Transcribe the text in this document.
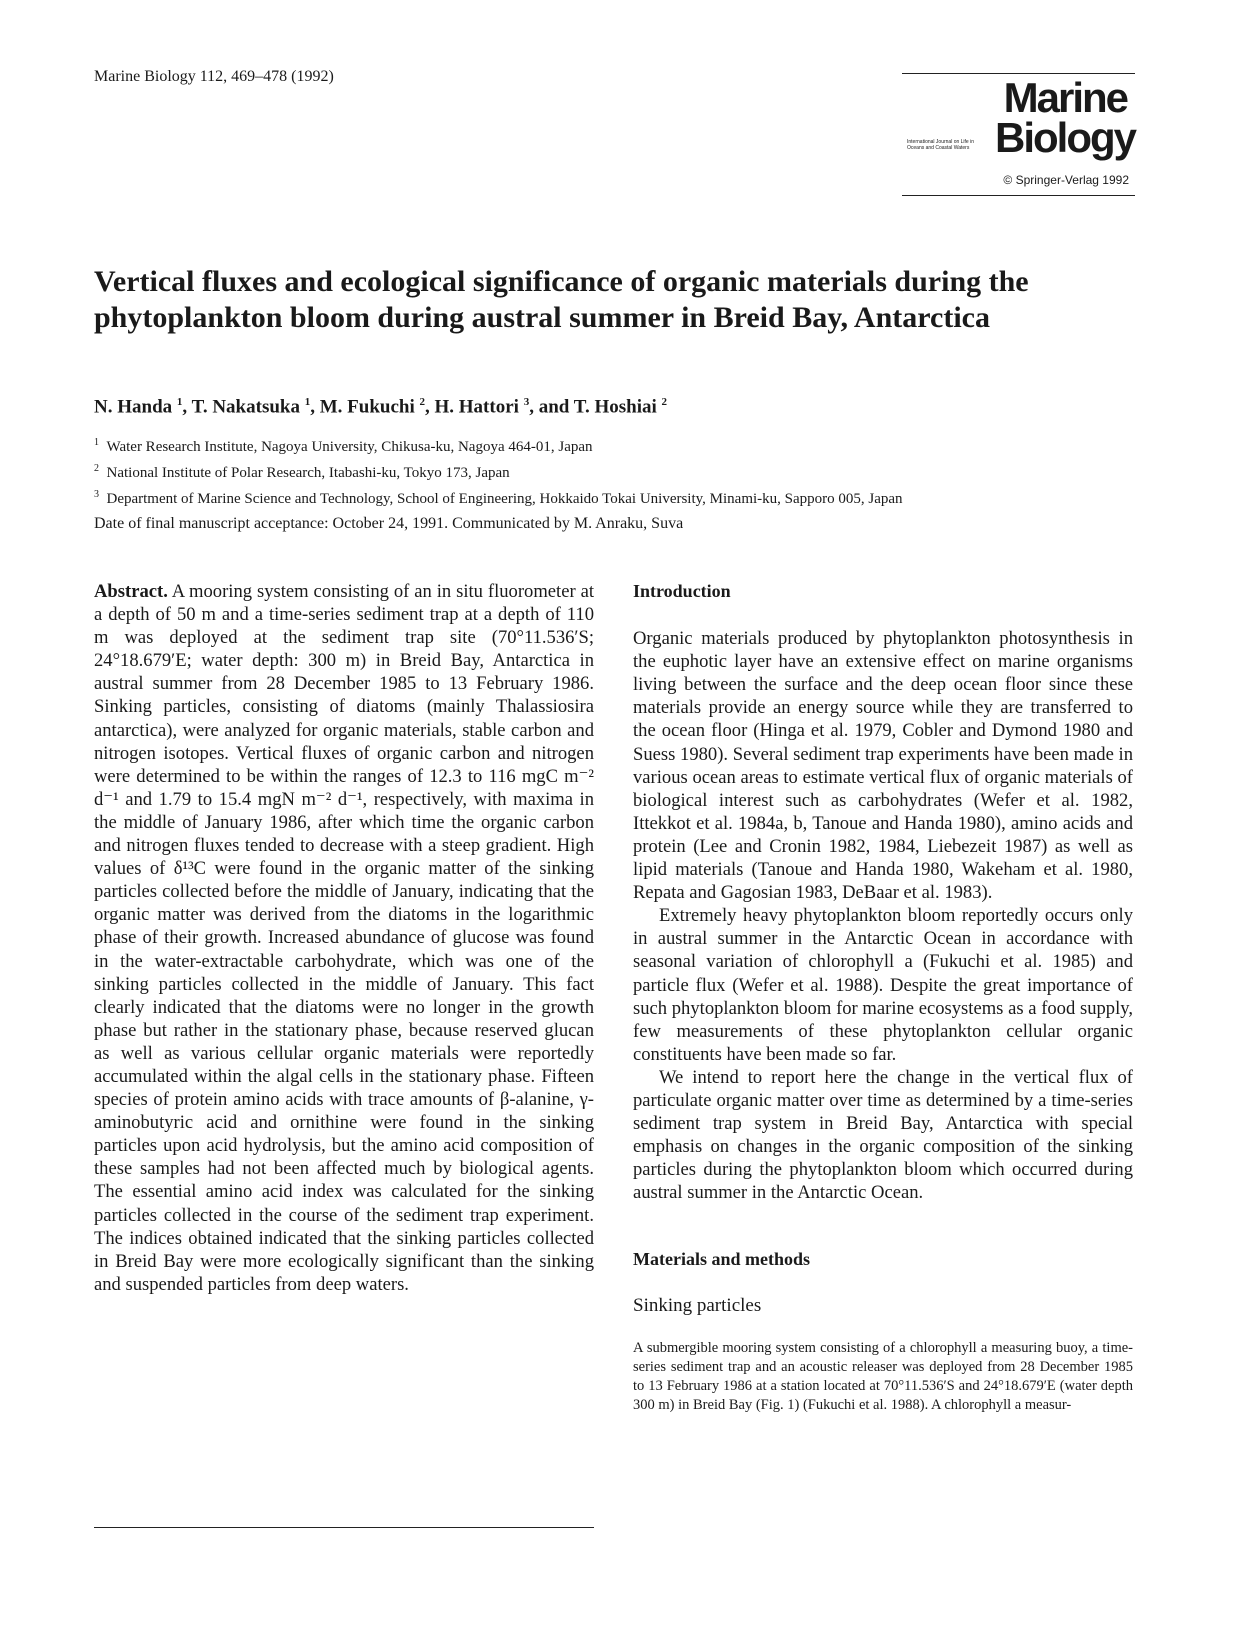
Marine Biology 112, 469–478 (1992)	Marine
International Journal on Life in Oceans and Coastal Waters Biology
© Springer-Verlag 1992
Vertical fluxes and ecological significance of organic materials during the phytoplankton bloom during austral summer in Breid Bay, Antarctica
N. Handa $^1$, T. Nakatsuka $^1$, M. Fukuchi $^2$, H. Hattori $^3$, and T. Hoshiai $^2$
$^1$ Water Research Institute, Nagoya University, Chikusa-ku, Nagoya 464-01, Japan
$^2$ National Institute of Polar Research, Itabashi-ku, Tokyo 173, Japan
$^3$ Department of Marine Science and Technology, School of Engineering, Hokkaido Tokai University, Minami-ku, Sapporo 005, Japan
Date of final manuscript acceptance: October 24, 1991. Communicated by M. Anraku, Suva

Abstract. A mooring system consisting of an in situ fluorometer at a depth of 50 m and a time-series sediment trap at a depth of 110 m was deployed at the sediment trap site (70°11.536′S; 24°18.679′E; water depth: 300 m) in Breid Bay, Antarctica in austral summer from 28 December 1985 to 13 February 1986. Sinking particles, consisting of diatoms (mainly Thalassiosira antarctica), were analyzed for organic materials, stable carbon and nitrogen isotopes. Vertical fluxes of organic carbon and nitrogen were determined to be within the ranges of 12.3 to 116 mgC m⁻² d⁻¹ and 1.79 to 15.4 mgN m⁻² d⁻¹, respectively, with maxima in the middle of January 1986, after which time the organic carbon and nitrogen fluxes tended to decrease with a steep gradient. High values of δ¹³C were found in the organic matter of the sinking particles collected before the middle of January, indicating that the organic matter was derived from the diatoms in the logarithmic phase of their growth. Increased abundance of glucose was found in the water-extractable carbohydrate, which was one of the sinking particles collected in the middle of January. This fact clearly indicated that the diatoms were no longer in the growth phase but rather in the stationary phase, because reserved glucan as well as various cellular organic materials were reportedly accumulated within the algal cells in the stationary phase. Fifteen species of protein amino acids with trace amounts of β-alanine, γ-aminobutyric acid and ornithine were found in the sinking particles upon acid hydrolysis, but the amino acid composition of these samples had not been affected much by biological agents. The essential amino acid index was calculated for the sinking particles collected in the course of the sediment trap experiment. The indices obtained indicated that the sinking particles collected in Breid Bay were more ecologically significant than the sinking and suspended particles from deep waters.

Introduction

Organic materials produced by phytoplankton photosynthesis in the euphotic layer have an extensive effect on marine organisms living between the surface and the deep ocean floor since these materials provide an energy source while they are transferred to the ocean floor (Hinga et al. 1979, Cobler and Dymond 1980 and Suess 1980). Several sediment trap experiments have been made in various ocean areas to estimate vertical flux of organic materials of biological interest such as carbohydrates (Wefer et al. 1982, Ittekkot et al. 1984a, b, Tanoue and Handa 1980), amino acids and protein (Lee and Cronin 1982, 1984, Liebezeit 1987) as well as lipid materials (Tanoue and Handa 1980, Wakeham et al. 1980, Repata and Gagosian 1983, DeBaar et al. 1983).

Extremely heavy phytoplankton bloom reportedly occurs only in austral summer in the Antarctic Ocean in accordance with seasonal variation of chlorophyll a (Fukuchi et al. 1985) and particle flux (Wefer et al. 1988). Despite the great importance of such phytoplankton bloom for marine ecosystems as a food supply, few measurements of these phytoplankton cellular organic constituents have been made so far.

We intend to report here the change in the vertical flux of particulate organic matter over time as determined by a time-series sediment trap system in Breid Bay, Antarctica with special emphasis on changes in the organic composition of the sinking particles during the phytoplankton bloom which occurred during austral summer in the Antarctic Ocean.

Materials and methods

Sinking particles

A submergible mooring system consisting of a chlorophyll a measuring buoy, a time-series sediment trap and an acoustic releaser was deployed from 28 December 1985 to 13 February 1986 at a station located at 70°11.536′S and 24°18.679′E (water depth 300 m) in Breid Bay (Fig. 1) (Fukuchi et al. 1988). A chlorophyll a measur-
